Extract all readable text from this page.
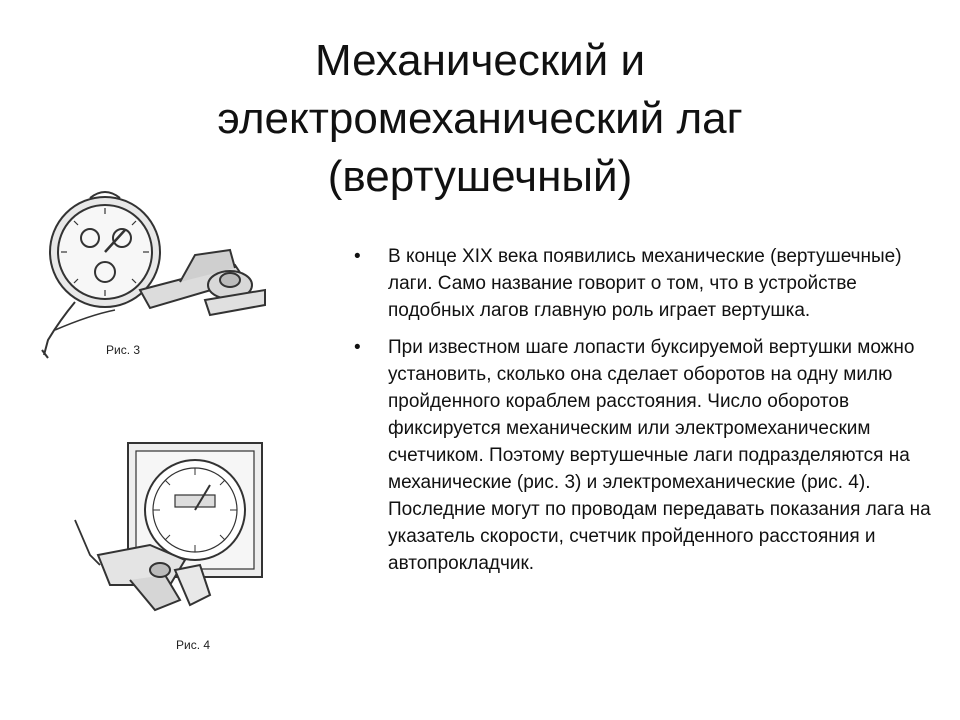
Механический и
электромеханический лаг
(вертушечный)
Рис. 3
Рис. 4
• В конце XIX века появились механические (вертушечные) лаги. Само название говорит о том, что в устройстве подобных лагов главную роль играет вертушка.
• При известном шаге лопасти буксируемой вертушки можно установить, сколько она сделает оборотов на одну милю пройденного кораблем расстояния. Число оборотов фиксируется механическим или электромеханическим счетчиком. Поэтому вертушечные лаги подразделяются на механические (рис. 3) и электромеханические (рис. 4). Последние могут по проводам передавать показания лага на указатель скорости, счетчик пройденного расстояния и автопрокладчик.
